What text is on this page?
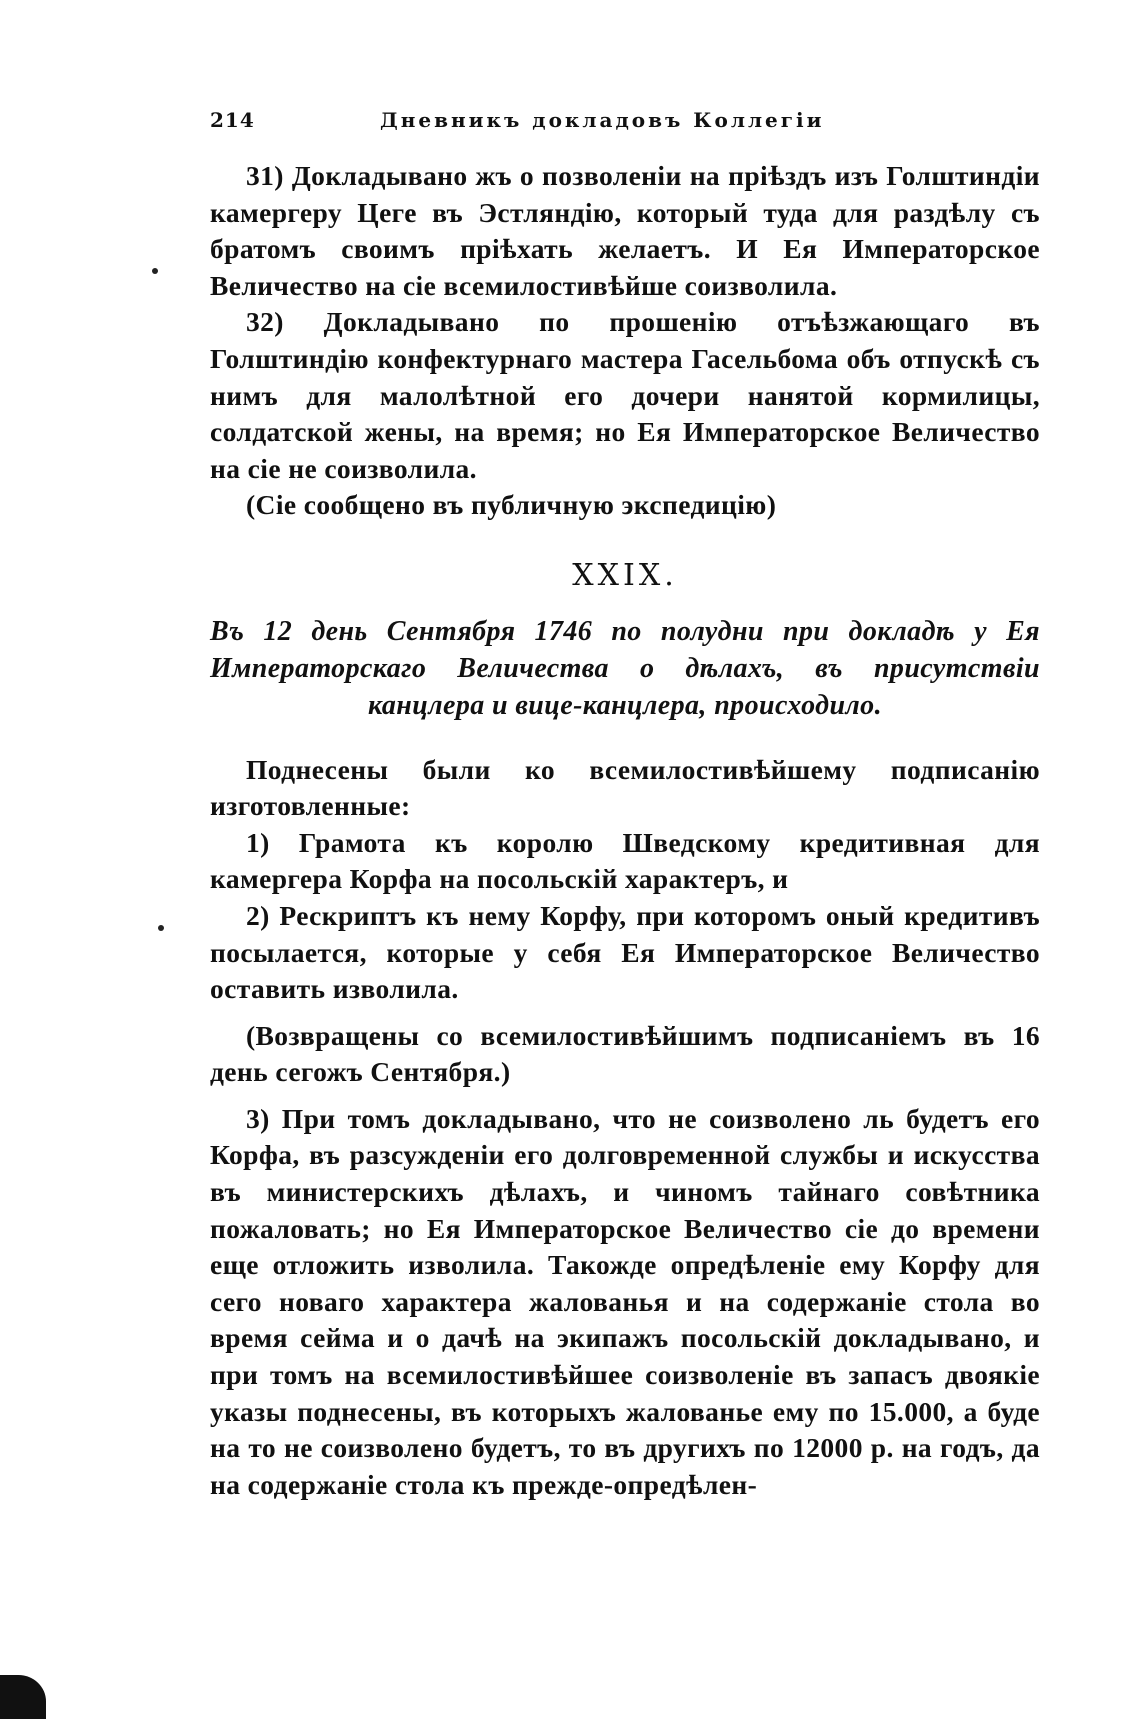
214	Дневникъ докладовъ Коллегіи

31) Докладывано жъ о позволеніи на пріѣздъ изъ Голштиндіи камергеру Цеге въ Эстляндію, который туда для раздѣлу съ братомъ своимъ пріѣхать желаетъ. И Ея Императорское Величество на сіе всемилостивѣйше соизволила.

32) Докладывано по прошенію отъѣзжающаго въ Голштиндію конфектурнаго мастера Гасельбома объ отпускѣ съ нимъ для малолѣтной его дочери нанятой кормилицы, солдатской жены, на время; но Ея Императорское Величество на сіе не соизволила.

(Сіе сообщено въ публичную экспедицію)

XXIX.

Въ 12 день Сентября 1746 по полудни при докладѣ у Ея Императорскаго Величества о дѣлахъ, въ присутствіи канцлера и вице-канцлера, происходило.

Поднесены были ко всемилостивѣйшему подписанію изготовленные:

1) Грамота къ королю Шведскому кредитивная для камергера Корфа на посольскій характеръ, и

2) Рескриптъ къ нему Корфу, при которомъ оный кредитивъ посылается, которые у себя Ея Императорское Величество оставить изволила.

(Возвращены со всемилостивѣйшимъ подписаніемъ въ 16 день сегожъ Сентября.)

3) При томъ докладывано, что не соизволено ль будетъ его Корфа, въ разсужденіи его долговременной службы и искусства въ министерскихъ дѣлахъ, и чиномъ тайнаго совѣтника пожаловать; но Ея Императорское Величество сіе до времени еще отложить изволила. Такожде опредѣленіе ему Корфу для сего новаго характера жалованья и на содержаніе стола во время сейма и о дачѣ на экипажъ посольскій докладывано, и при томъ на всемилостивѣйшее соизволеніе въ запасъ двоякіе указы поднесены, въ которыхъ жалованье ему по 15.000, а буде на то не соизволено будетъ, то въ другихъ по 12000 р. на годъ, да на содержаніе стола къ прежде-опредѣлен-
